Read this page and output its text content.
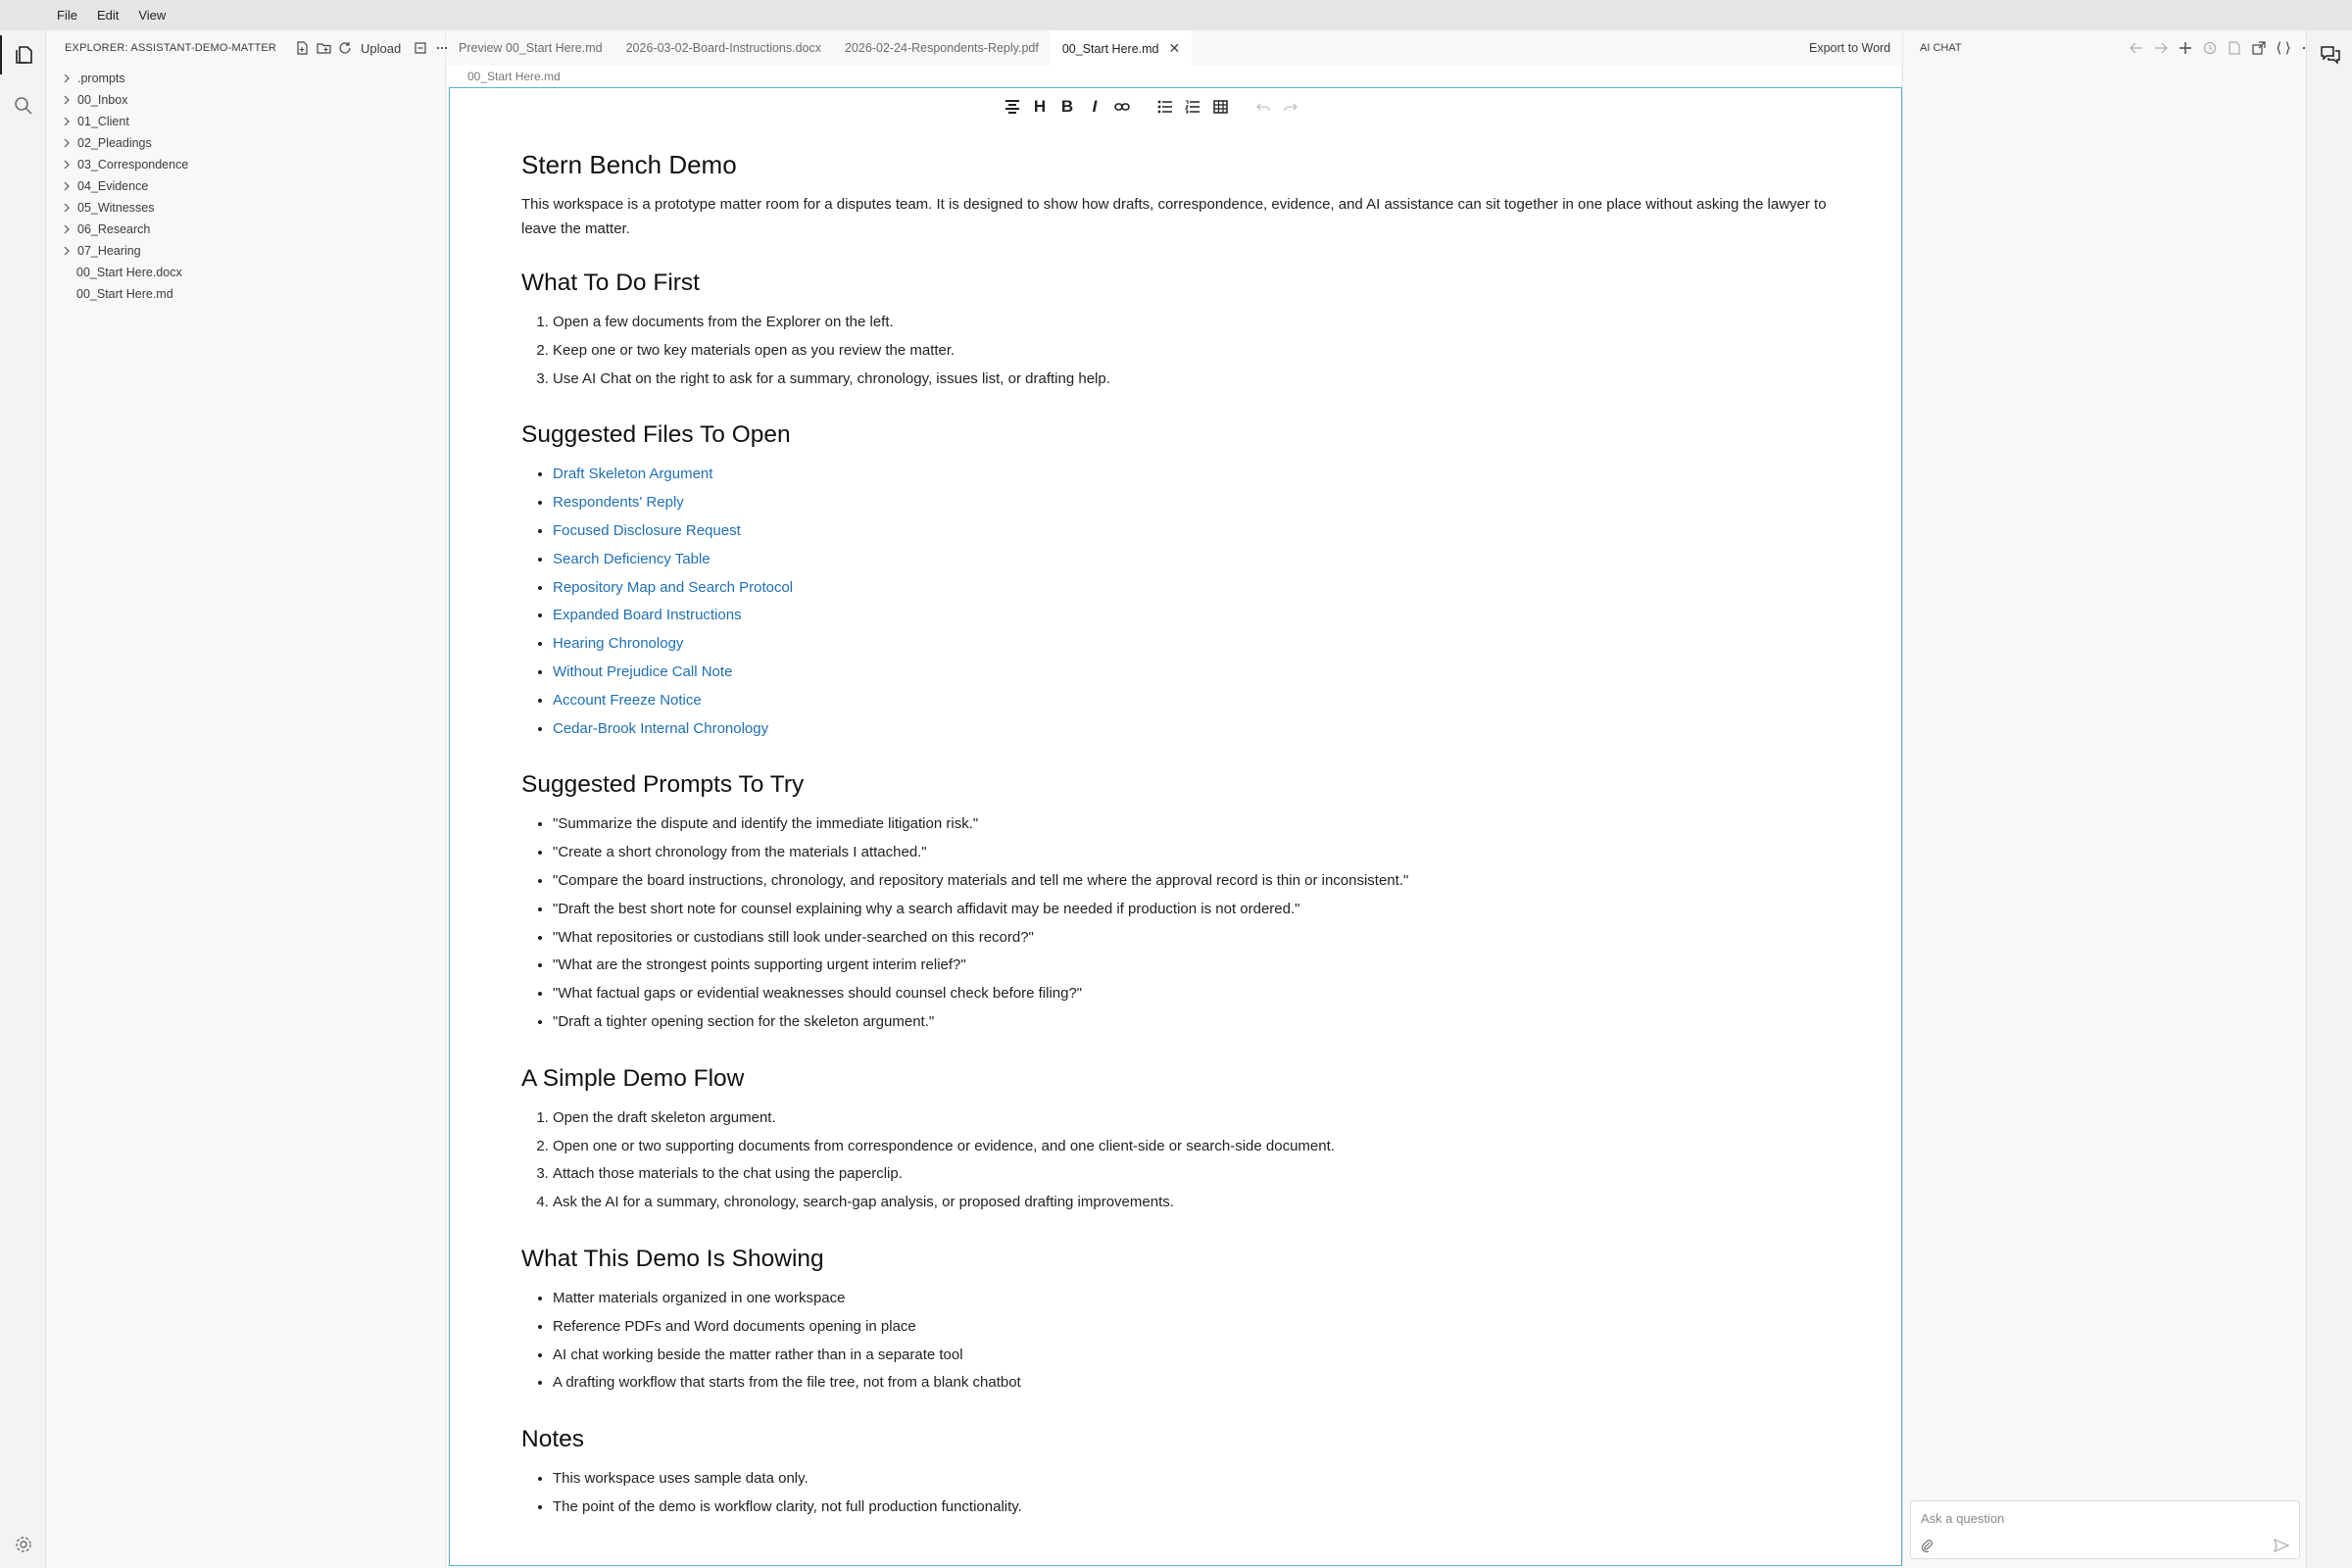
File Edit View
EXPLORER: ASSISTANT-DEMO-MATTER	Upload
.prompts
00_Inbox
01_Client
02_Pleadings
03_Correspondence
04_Evidence
05_Witnesses
06_Research
07_Hearing
00_Start Here.docx
00_Start Here.md
Preview 00_Start Here.md 2026-03-02-Board-Instructions.docx 2026-02-24-Respondents-Reply.pdf 00_Start Here.md ✕	Export to Word
00_Start Here.md
H B I
Stern Bench Demo

This workspace is a prototype matter room for a disputes team. It is designed to show how drafts, correspondence, evidence, and AI assistance can sit together in one place without asking the lawyer to leave the matter.

What To Do First
1. Open a few documents from the Explorer on the left.
2. Keep one or two key materials open as you review the matter.
3. Use AI Chat on the right to ask for a summary, chronology, issues list, or drafting help.
Suggested Files To Open
• Draft Skeleton Argument
• Respondents' Reply
• Focused Disclosure Request
• Search Deficiency Table
• Repository Map and Search Protocol
• Expanded Board Instructions
• Hearing Chronology
• Without Prejudice Call Note
• Account Freeze Notice
• Cedar-Brook Internal Chronology
Suggested Prompts To Try
• "Summarize the dispute and identify the immediate litigation risk."
• "Create a short chronology from the materials I attached."
• "Compare the board instructions, chronology, and repository materials and tell me where the approval record is thin or inconsistent."
• "Draft the best short note for counsel explaining why a search affidavit may be needed if production is not ordered."
• "What repositories or custodians still look under-searched on this record?"
• "What are the strongest points supporting urgent interim relief?"
• "What factual gaps or evidential weaknesses should counsel check before filing?"
• "Draft a tighter opening section for the skeleton argument."
A Simple Demo Flow
1. Open the draft skeleton argument.
2. Open one or two supporting documents from correspondence or evidence, and one client-side or search-side document.
3. Attach those materials to the chat using the paperclip.
4. Ask the AI for a summary, chronology, search-gap analysis, or proposed drafting improvements.
What This Demo Is Showing
• Matter materials organized in one workspace
• Reference PDFs and Word documents opening in place
• AI chat working beside the matter rather than in a separate tool
• A drafting workflow that starts from the file tree, not from a blank chatbot
Notes
• This workspace uses sample data only.
• The point of the demo is workflow clarity, not full production functionality.
AI CHAT
Ask a question
